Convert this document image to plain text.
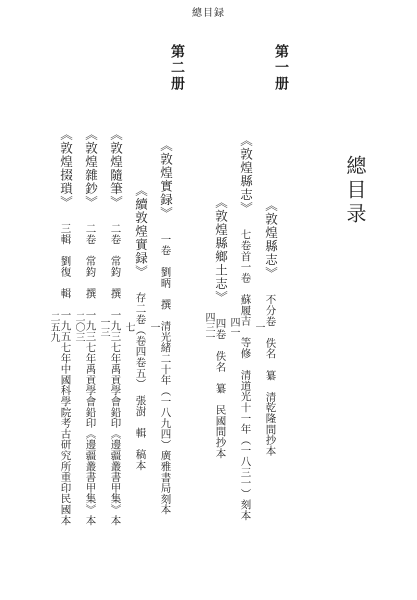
總目録
總目录
第一册
《敦煌縣志》不分卷　佚名　纂　清乾隆間抄本
一
《敦煌縣志》七卷首一卷　蘇履吉　等修　清道光十一年（一八三一）刻本
四一
《敦煌縣鄉土志》四卷　佚名　纂　民國間抄本
四三一
第二册
《敦煌實録》一卷　劉昞　撰　清光緒二十年（一八九四）廣雅書局刻本
一
《續敦煌實録》存二卷（卷四卷五）　張澍　輯　稿本
七
《敦煌隨筆》二卷　常鈞　撰　一九三七年禹貢學會鉛印《邊疆叢書甲集》本
一三
《敦煌雜鈔》二卷　常鈞　撰　一九三七年禹貢學會鉛印《邊疆叢書甲集》本
二〇三
《敦煌掇瑣》三輯　劉復　輯　一九五七年中國科學院考古研究所重印民國本
二五九
